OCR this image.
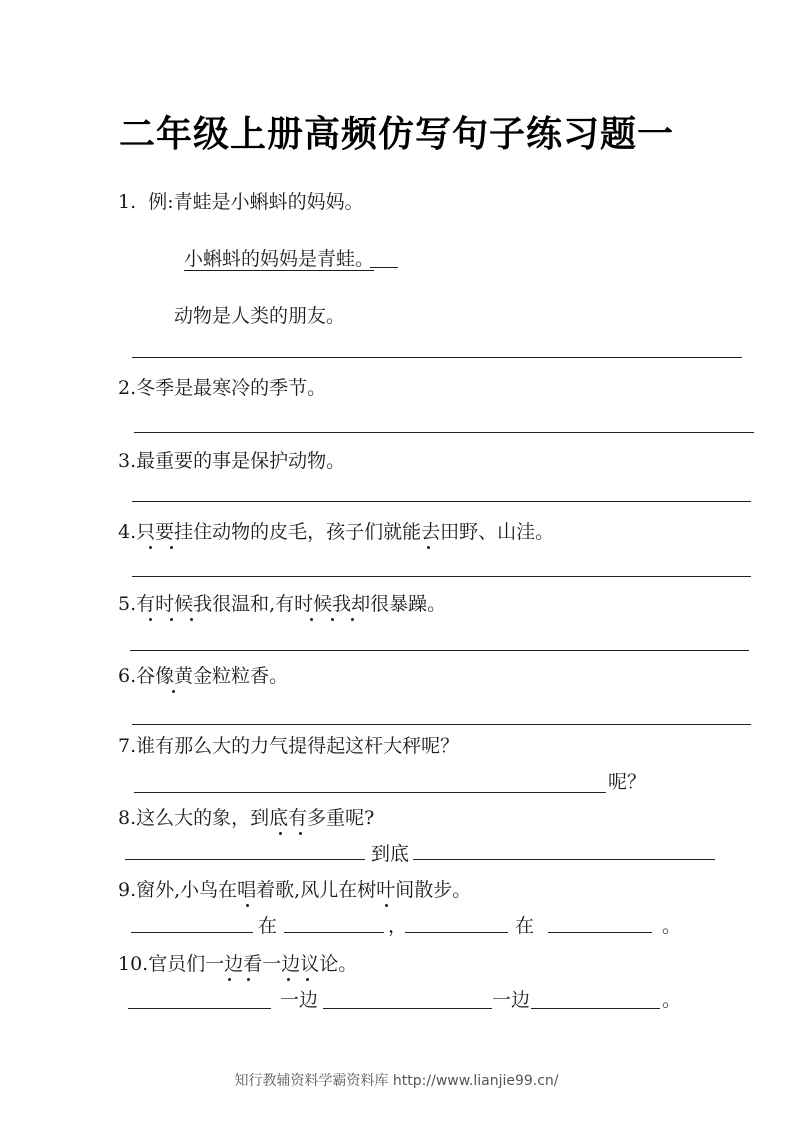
二年级上册高频仿写句子练习题一
1. 例:青蛙是小蝌蚪的妈妈。
小蝌蚪的妈妈是青蛙。
动物是人类的朋友。
2.冬季是最寒冷的季节。
3.最重要的事是保护动物。
4.只要挂住动物的皮毛，孩子们就能去田野、山洼。
5.有时候我很温和,有时候我却很暴躁。
6.谷像黄金粒粒香。
7.谁有那么大的力气提得起这杆大秤呢？
呢？
8.这么大的象，到底有多重呢?
到底
9.窗外,小鸟在唱着歌,风儿在树叶间散步。
在	，	在	。
10.官员们一边看一边议论。
一边	一边	。
知行教辅资料学霸资料库 http://www.lianjie99.cn/
